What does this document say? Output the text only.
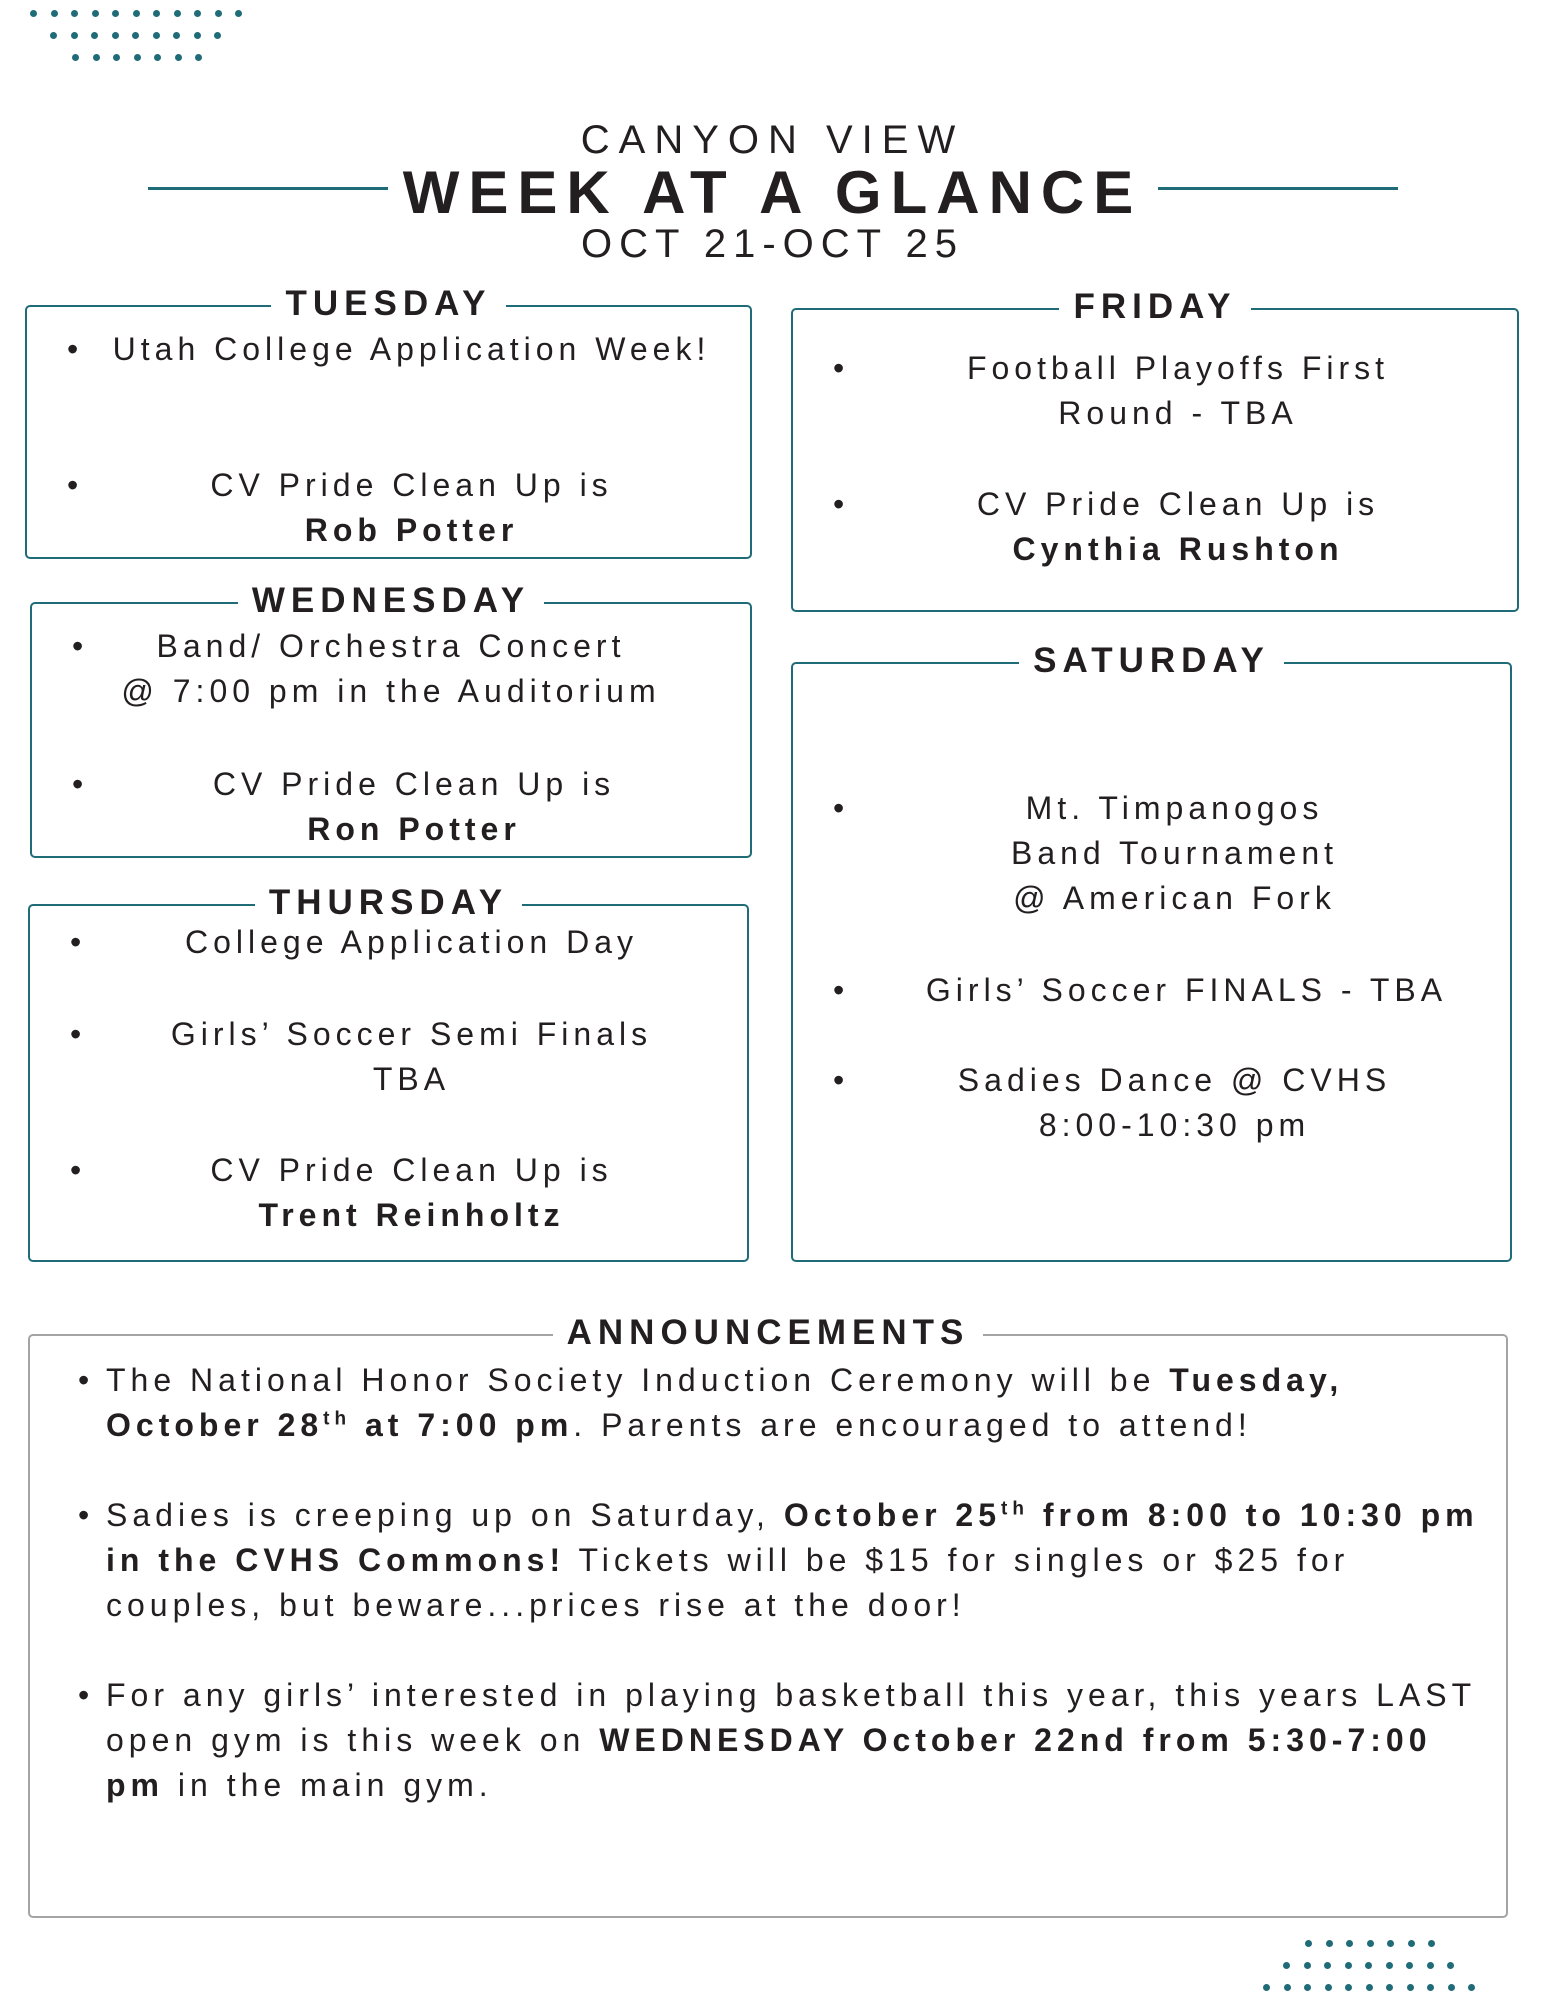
CANYON VIEW
WEEK AT A GLANCE
OCT 21-OCT 25
TUESDAY
• Utah College Application Week!
•	CV Pride Clean Up is
Rob Potter
WEDNESDAY
•	Band/ Orchestra Concert
@ 7:00 pm in the Auditorium
•	CV Pride Clean Up is
Ron Potter
THURSDAY
•	College Application Day
•	Girls’ Soccer Semi Finals
TBA
•	CV Pride Clean Up is
Trent Reinholtz
FRIDAY
•	Football Playoffs First
Round - TBA
•	CV Pride Clean Up is
Cynthia Rushton
SATURDAY
•	Mt. Timpanogos
Band Tournament
@ American Fork
•	Girls’ Soccer FINALS - TBA
•	Sadies Dance @ CVHS
8:00-10:30 pm
ANNOUNCEMENTS
• The National Honor Society Induction Ceremony will be Tuesday, October 28th at 7:00 pm. Parents are encouraged to attend!
• Sadies is creeping up on Saturday, October 25th from 8:00 to 10:30 pm in the CVHS Commons! Tickets will be $15 for singles or $25 for couples, but beware...prices rise at the door!
• For any girls’ interested in playing basketball this year, this years LAST open gym is this week on WEDNESDAY October 22nd from 5:30-7:00 pm in the main gym.
